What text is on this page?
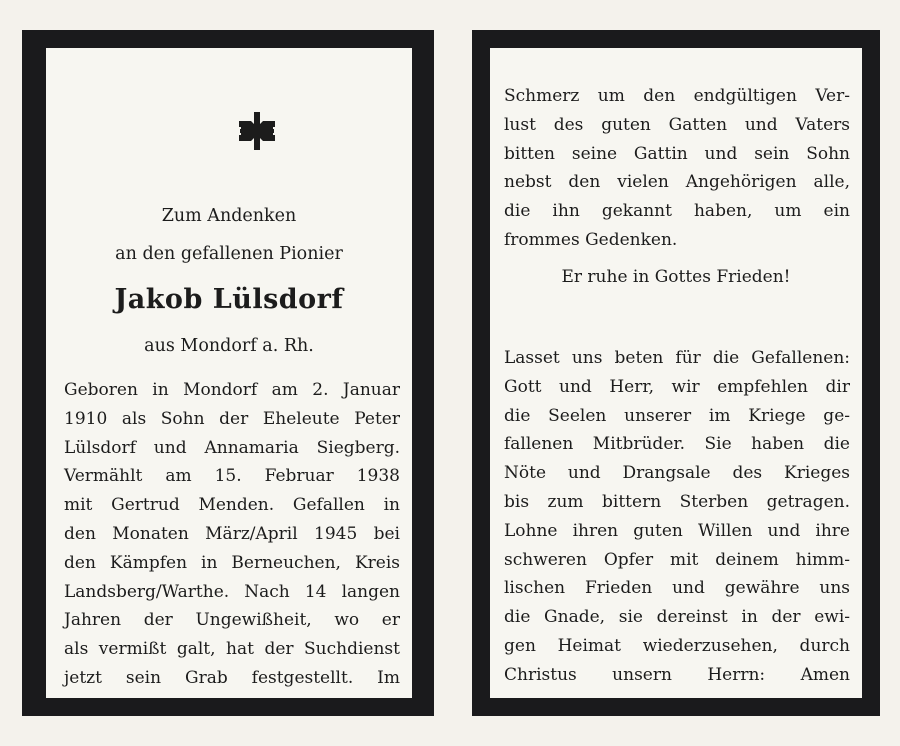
Zum Andenken
an den gefallenen Pionier
Jakob Lülsdorf
aus Mondorf a. Rh.
Geboren in Mondorf am 2. Januar
1910 als Sohn der Eheleute Peter
Lülsdorf und Annamaria Siegberg.
Vermählt am 15. Februar 1938
mit Gertrud Menden. Gefallen in
den Monaten März/April 1945 bei
den Kämpfen in Berneuchen, Kreis
Landsberg/Warthe. Nach 14 langen
Jahren der Ungewißheit, wo er
als vermißt galt, hat der Suchdienst
jetzt sein Grab festgestellt. Im
Schmerz um den endgültigen Ver-
lust des guten Gatten und Vaters
bitten seine Gattin und sein Sohn
nebst den vielen Angehörigen alle,
die ihn gekannt haben, um ein
frommes Gedenken.
Er ruhe in Gottes Frieden!
Lasset uns beten für die Gefallenen:
Gott und Herr, wir empfehlen dir
die Seelen unserer im Kriege ge-
fallenen Mitbrüder. Sie haben die
Nöte und Drangsale des Krieges
bis zum bittern Sterben getragen.
Lohne ihren guten Willen und ihre
schweren Opfer mit deinem himm-
lischen Frieden und gewähre uns
die Gnade, sie dereinst in der ewi-
gen Heimat wiederzusehen, durch
Christus unsern Herrn: Amen
